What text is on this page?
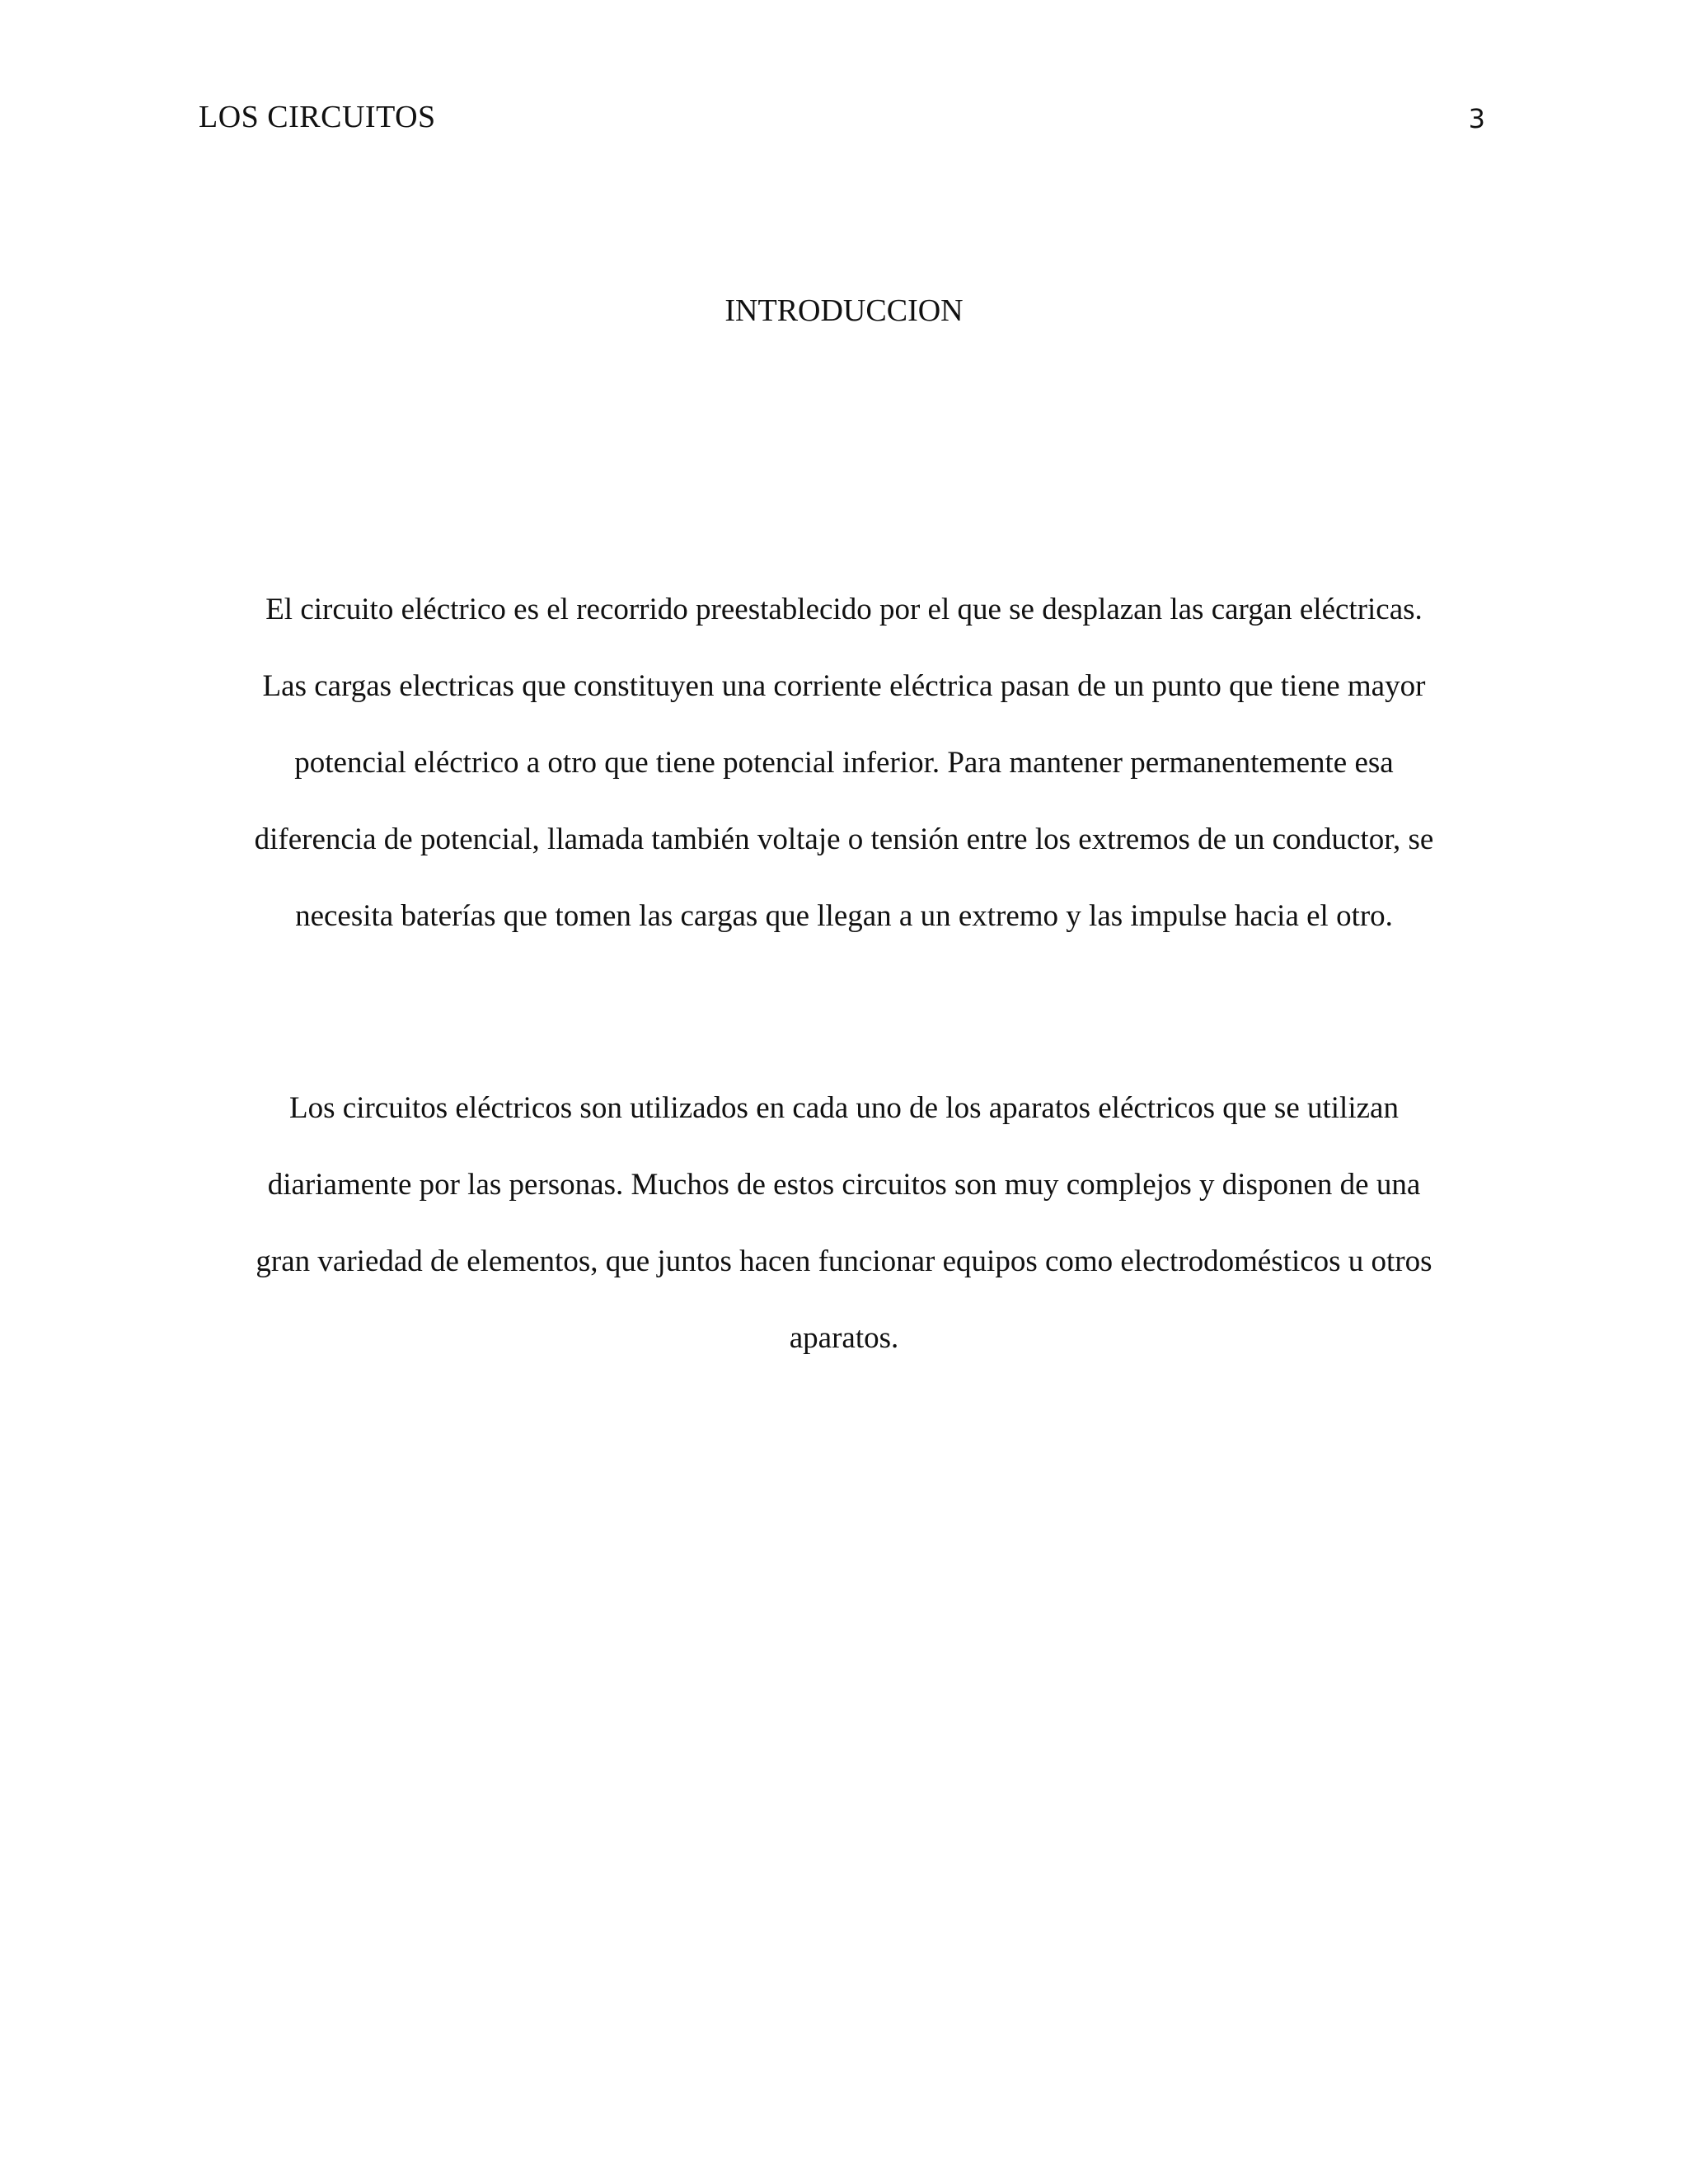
LOS CIRCUITOS	3
INTRODUCCION

El circuito eléctrico es el recorrido preestablecido por el que se desplazan las cargan eléctricas.
Las cargas electricas que constituyen una corriente eléctrica pasan de un punto que tiene mayor
potencial eléctrico a otro que tiene potencial inferior. Para mantener permanentemente esa
diferencia de potencial, llamada también voltaje o tensión entre los extremos de un conductor, se
necesita baterías que tomen las cargas que llegan a un extremo y las impulse hacia el otro.

Los circuitos eléctricos son utilizados en cada uno de los aparatos eléctricos que se utilizan
diariamente por las personas. Muchos de estos circuitos son muy complejos y disponen de una
gran variedad de elementos, que juntos hacen funcionar equipos como electrodomésticos u otros
aparatos.
